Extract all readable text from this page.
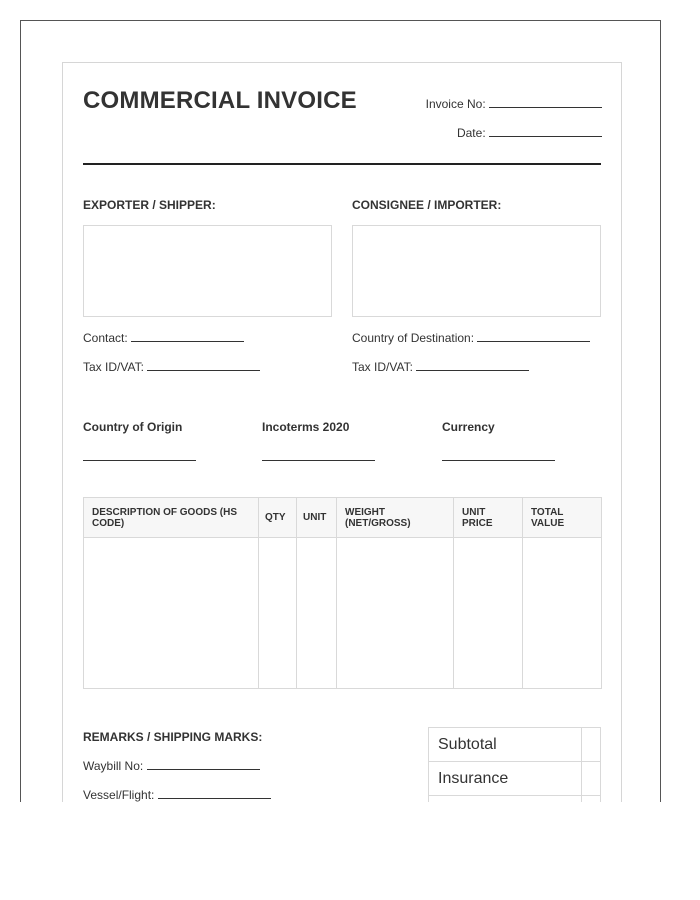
COMMERCIAL INVOICE	Invoice No:
Date:
EXPORTER / SHIPPER:
Contact:
Tax ID/VAT:
CONSIGNEE / IMPORTER:
Country of Destination:
Tax ID/VAT:
Country of Origin	Incoterms 2020	Currency
DESCRIPTION OF GOODS (HS CODE)	QTY	UNIT	WEIGHT (NET/GROSS)	UNIT PRICE	TOTAL VALUE

REMARKS / SHIPPING MARKS:
Waybill No:
Vessel/Flight:
Subtotal	
Insurance	
